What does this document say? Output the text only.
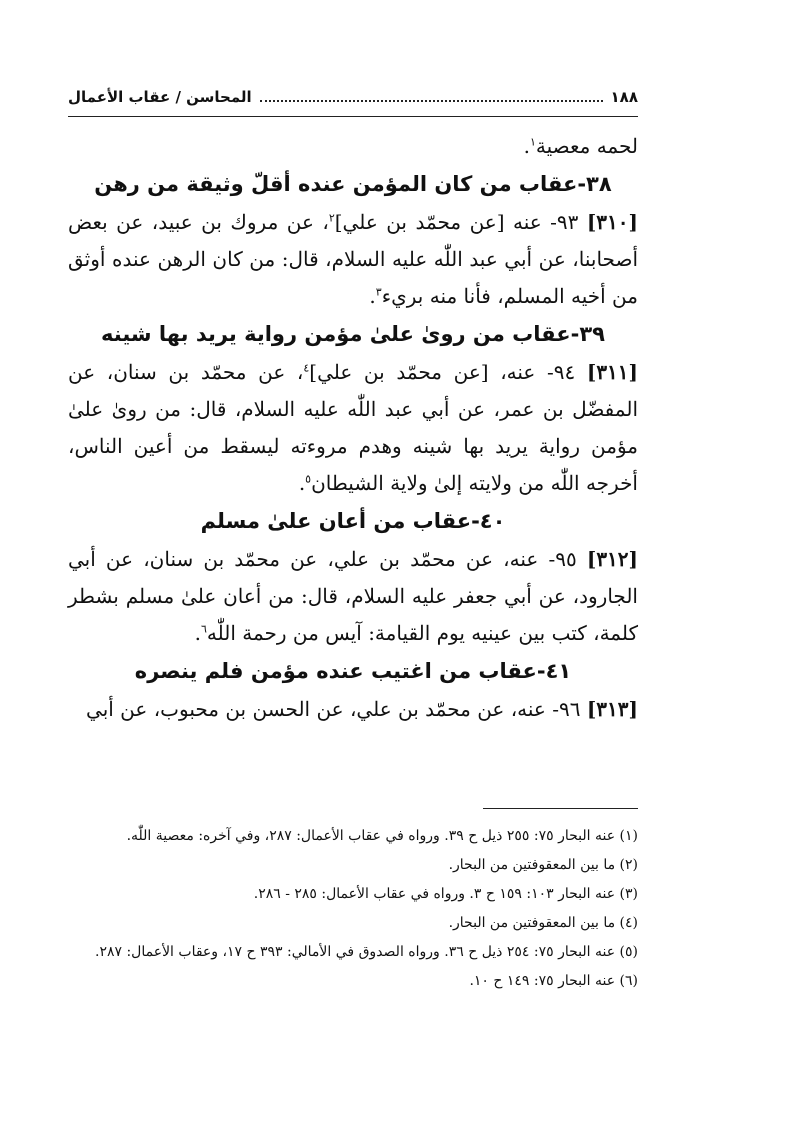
١٨٨
المحاسن / عقاب الأعمال

لحمه معصية$^١$.

٣٨-عقاب من كان المؤمن عنده أقلّ وثيقة من رهن

[٣١٠] ٩٣- عنه [عن محمّد بن علي]$^٢$، عن مروك بن عبيد، عن بعض أصحابنا، عن أبي عبد اللّٰه عليه السلام، قال: من كان الرهن عنده أوثق من أخيه المسلم، فأنا منه بريء$^٣$.

٣٩-عقاب من روىٰ علىٰ مؤمن رواية يريد بها شينه

[٣١١] ٩٤- عنه، [عن محمّد بن علي]$^٤$، عن محمّد بن سنان، عن المفضّل بن عمر، عن أبي عبد اللّٰه عليه السلام، قال: من روىٰ علىٰ مؤمن رواية يريد بها شينه وهدم مروءته ليسقط من أعين الناس، أخرجه اللّٰه من ولايته إلىٰ ولاية الشيطان$^٥$.

٤٠-عقاب من أعان علىٰ مسلم

[٣١٢] ٩٥- عنه، عن محمّد بن علي، عن محمّد بن سنان، عن أبي الجارود، عن أبي جعفر عليه السلام، قال: من أعان علىٰ مسلم بشطر كلمة، كتب بين عينيه يوم القيامة: آيس من رحمة اللّٰه$^٦$.

٤١-عقاب من اغتيب عنده مؤمن فلم ينصره

[٣١٣] ٩٦- عنه، عن محمّد بن علي، عن الحسن بن محبوب، عن أبي

(١) عنه البحار ٧٥: ٢٥٥ ذيل ح ٣٩. ورواه في عقاب الأعمال: ٢٨٧، وفي آخره: معصية اللّٰه.

(٢) ما بين المعقوفتين من البحار.

(٣) عنه البحار ١٠٣: ١٥٩ ح ٣. ورواه في عقاب الأعمال: ٢٨٥ - ٢٨٦.

(٤) ما بين المعقوفتين من البحار.

(٥) عنه البحار ٧٥: ٢٥٤ ذيل ح ٣٦. ورواه الصدوق في الأمالي: ٣٩٣ ح ١٧، وعقاب الأعمال: ٢٨٧.

(٦) عنه البحار ٧٥: ١٤٩ ح ١٠.
